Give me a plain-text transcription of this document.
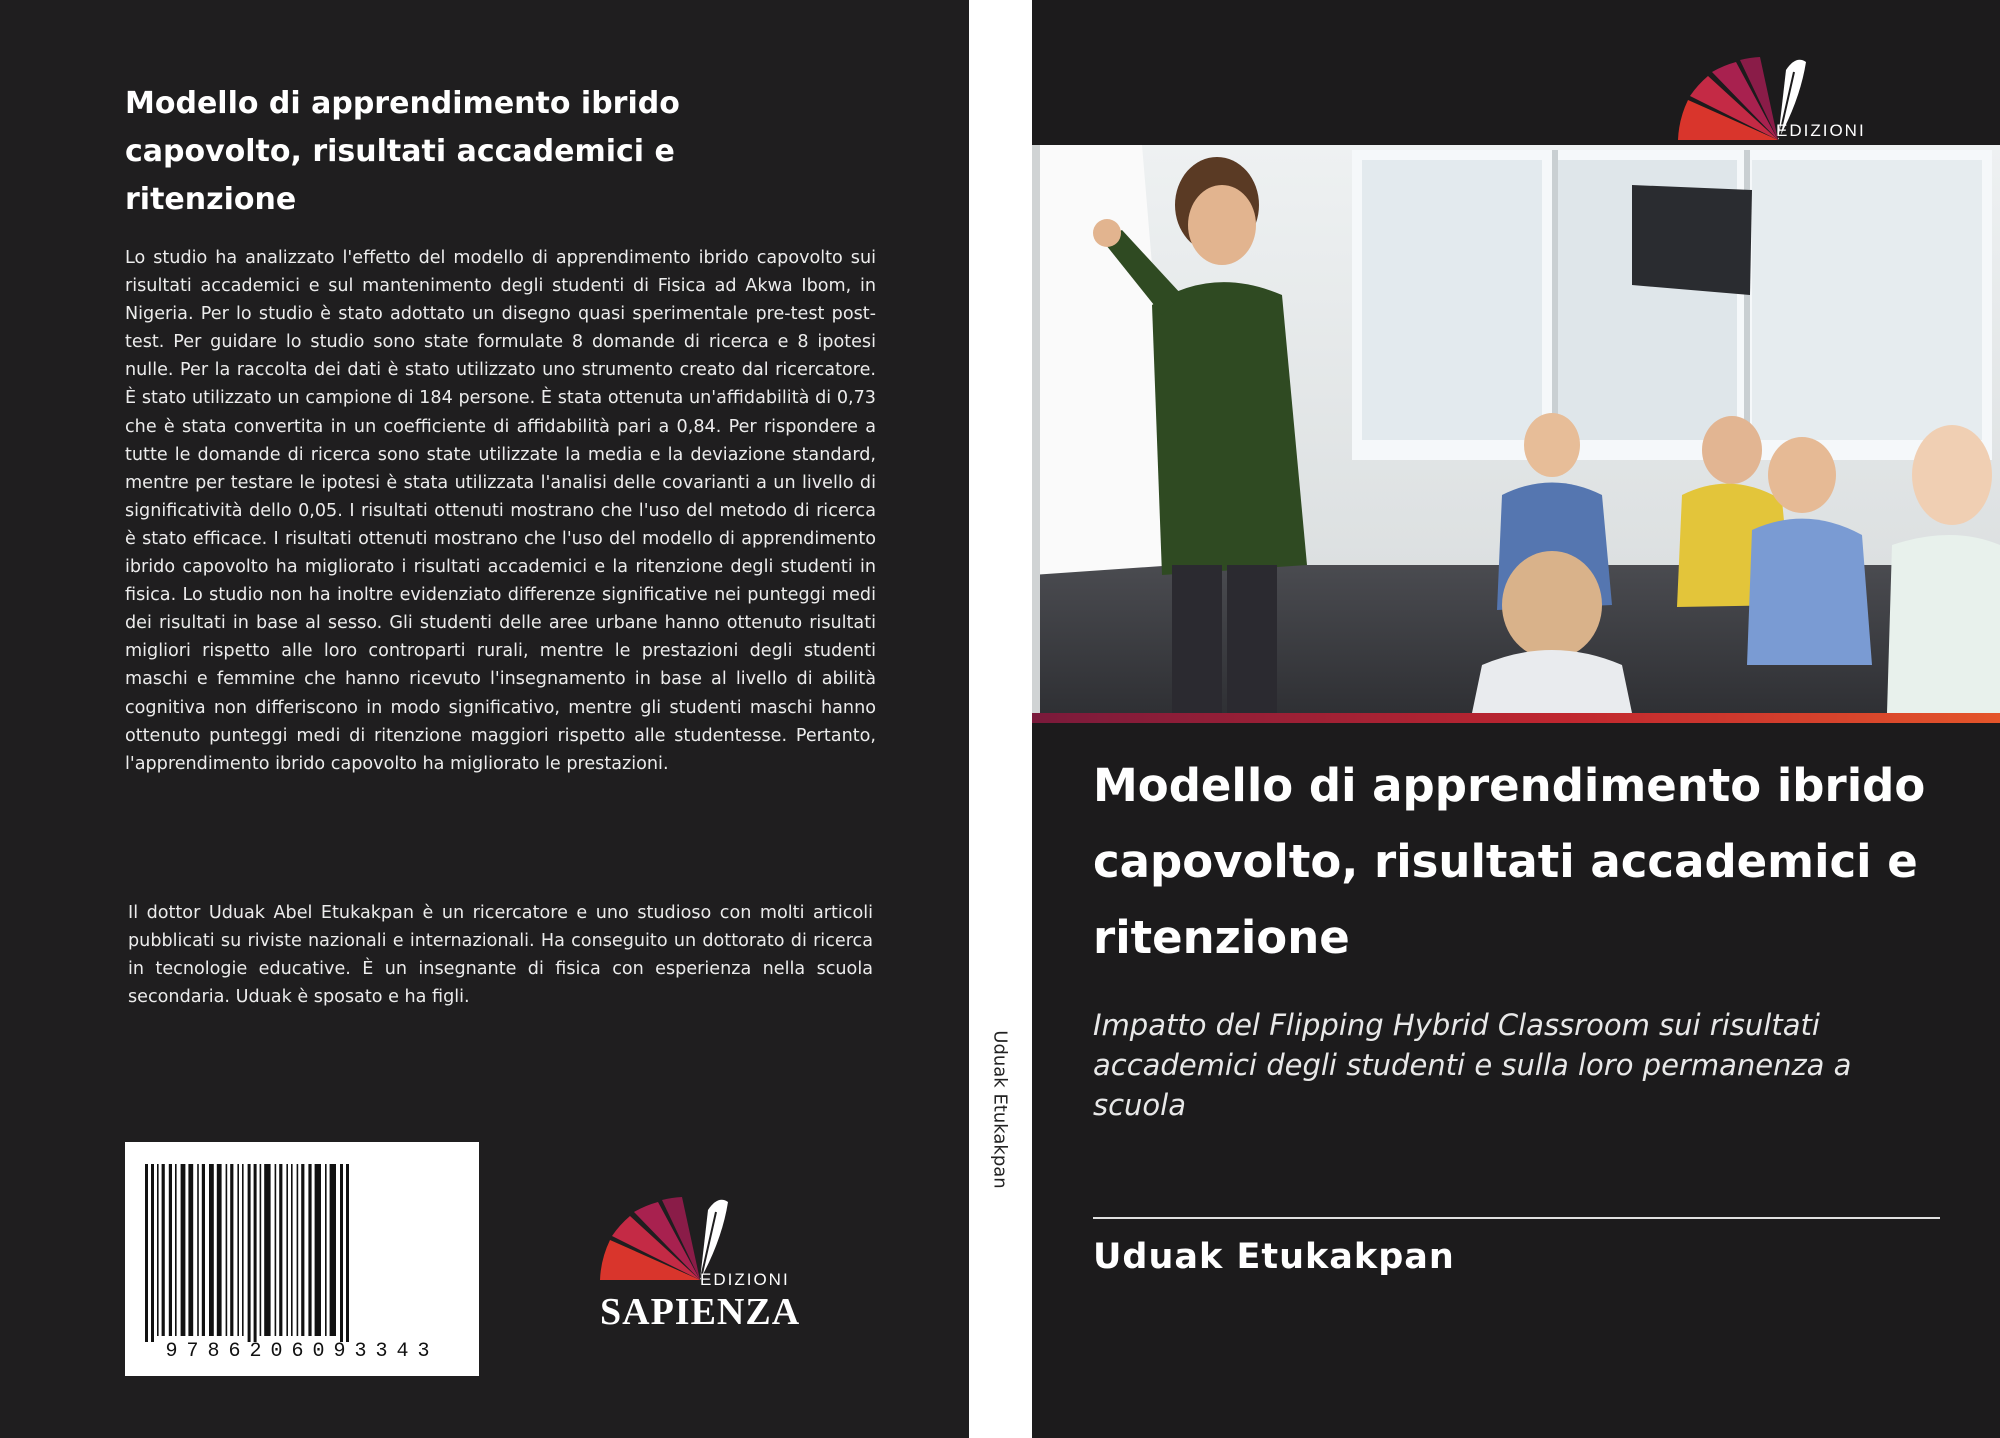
Modello di apprendimento ibrido capovolto, risultati accademici e ritenzione

Lo studio ha analizzato l'effetto del modello di apprendimento ibrido capovolto sui risultati accademici e sul mantenimento degli studenti di Fisica ad Akwa Ibom, in Nigeria. Per lo studio è stato adottato un disegno quasi sperimentale pre-test post-test. Per guidare lo studio sono state formulate 8 domande di ricerca e 8 ipotesi nulle. Per la raccolta dei dati è stato utilizzato uno strumento creato dal ricercatore. È stato utilizzato un campione di 184 persone. È stata ottenuta un'affidabilità di 0,73 che è stata convertita in un coefficiente di affidabilità pari a 0,84. Per rispondere a tutte le domande di ricerca sono state utilizzate la media e la deviazione standard, mentre per testare le ipotesi è stata utilizzata l'analisi delle covarianti a un livello di significatività dello 0,05. I risultati ottenuti mostrano che l'uso del metodo di ricerca è stato efficace. I risultati ottenuti mostrano che l'uso del modello di apprendimento ibrido capovolto ha migliorato i risultati accademici e la ritenzione degli studenti in fisica. Lo studio non ha inoltre evidenziato differenze significative nei punteggi medi dei risultati in base al sesso. Gli studenti delle aree urbane hanno ottenuto risultati migliori rispetto alle loro controparti rurali, mentre le prestazioni degli studenti maschi e femmine che hanno ricevuto l'insegnamento in base al livello di abilità cognitiva non differiscono in modo significativo, mentre gli studenti maschi hanno ottenuto punteggi medi di ritenzione maggiori rispetto alle studentesse. Pertanto, l'apprendimento ibrido capovolto ha migliorato le prestazioni.

Il dottor Uduak Abel Etukakpan è un ricercatore e uno studioso con molti articoli pubblicati su riviste nazionali e internazionali. Ha conseguito un dottorato di ricerca in tecnologie educative. È un insegnante di fisica con esperienza nella scuola secondaria. Uduak è sposato e ha figli.

9786206093343
EDIZIONI
SAPIENZA
Uduak Etukakpan
EDIZIONI
Modello di apprendimento ibrido capovolto, risultati accademici e ritenzione
Impatto del Flipping Hybrid Classroom sui risultati accademici degli studenti e sulla loro permanenza a scuola
Uduak Etukakpan
